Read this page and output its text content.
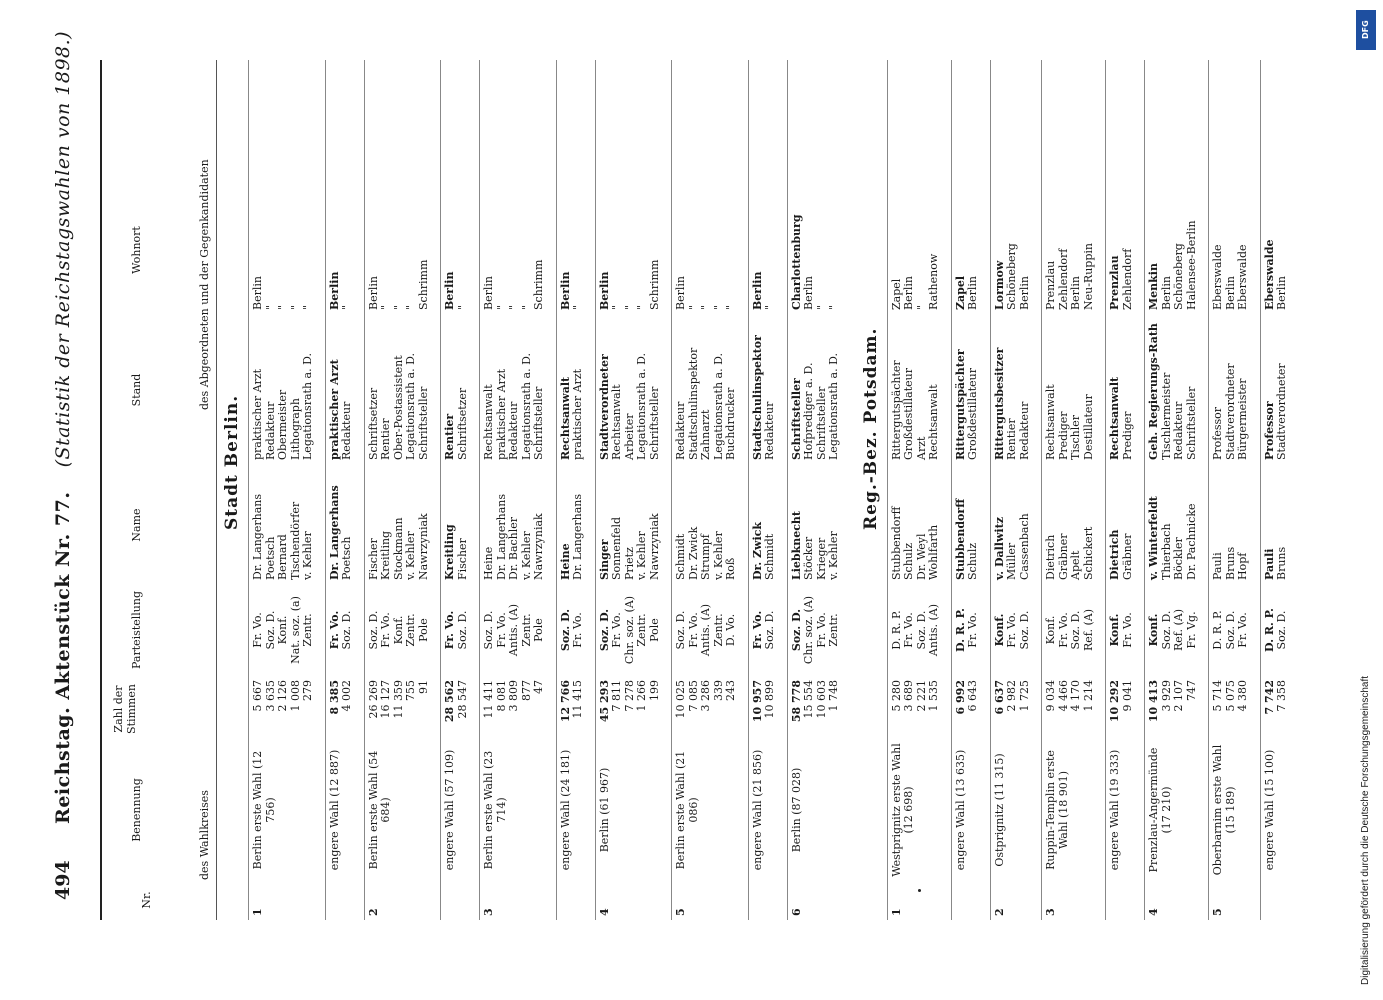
494 Reichstag. Aktenstück Nr. 77.    (Statistik der Reichstagswahlen von 1898.)
Nr.
Benennung
Zahl der Stimmen
Parteistellung
Name
Stand
Wohnort
des Wahlkreises
des Abgeordneten und der Gegenkandidaten
Stadt Berlin.
1
Berlin erste Wahl (12 756)
5 667 3 635 2 126 1 008 279
Fr. Vo. Soz. D. Konf. Nat. soz. (a) Zentr.
Dr. Langerhans Poetsch Bernard Tischendörfer v. Kehler
praktischer Arzt Redakteur Obermeister Lithograph Legationsrath a. D.
Berlin " " " "
engere Wahl (12 887)
8 385 4 002
Fr. Vo. Soz. D.
Dr. Langerhans Poetsch
praktischer Arzt Redakteur
Berlin "
2
Berlin erste Wahl (54 684)
26 269 16 127 11 359 755 91
Soz. D. Fr. Vo. Konf. Zentr. Pole
Fischer Kreitling Stockmann v. Kehler Nawrzyniak
Schriftsetzer Rentier Ober-Postassistent Legationsrath a. D. Schriftsteller
Berlin " " " Schrimm
engere Wahl (57 109)
28 562 28 547
Fr. Vo. Soz. D.
Kreitling Fischer
Rentier Schriftsetzer
Berlin "
3
Berlin erste Wahl (23 714)
11 411 8 081 3 809 877 47
Soz. D. Fr. Vo. Antis. (A) Zentr. Pole
Heine Dr. Langerhans Dr. Bachler v. Kehler Nawrzyniak
Rechtsanwalt praktischer Arzt Redakteur Legationsrath a. D. Schriftsteller
Berlin " " " Schrimm
engere Wahl (24 181)
12 766 11 415
Soz. D. Fr. Vo.
Heine Dr. Langerhans
Rechtsanwalt praktischer Arzt
Berlin "
4
Berlin (61 967)
45 293 7 811 7 278 1 266 199
Soz. D. Fr. Vo. Chr. soz. (A) Zentr. Pole
Singer Sonnenfeld Prietz v. Kehler Nawrzyniak
Stadtverordneter Rechtsanwalt Arbeiter Legationsrath a. D. Schriftsteller
Berlin " " " Schrimm
5
Berlin erste Wahl (21 086)
10 025 7 085 3 286 339 243
Soz. D. Fr. Vo. Antis. (A) Zentr. D. Vo.
Schmidt Dr. Zwick Strumpf v. Kehler Roß
Redakteur Stadtschulinspektor Zahnarzt Legationsrath a. D. Buchdrucker
Berlin " " " "
engere Wahl (21 856)
10 957 10 899
Fr. Vo. Soz. D.
Dr. Zwick Schmidt
Stadtschulinspektor Redakteur
Berlin "
6
Berlin (87 028)
58 778 15 554 10 603 1 748
Soz. D. Chr. soz. (A) Fr. Vo. Zentr.
Liebknecht Stöcker Krieger v. Kehler
Schriftsteller Hofprediger a. D. Schriftsteller Legationsrath a. D.
Charlottenburg Berlin " "
Reg.-Bez. Potsdam.
1
Westprignitz erste Wahl (12 698)
5 280 3 689 2 221 1 535
D. R. P. Fr. Vo. Soz. D. Antis. (A)
Stubbendorff Schulz Dr. Weyl Wohlfarth
Rittergutspächter Großdestillateur Arzt Rechtsanwalt
Zapel Berlin " Rathenow
engere Wahl (13 635)
6 992 6 643
D. R. P. Fr. Vo.
Stubbendorff Schulz
Rittergutspächter Großdestillateur
Zapel Berlin
2
Ostprignitz (11 315)
6 637 2 982 1 725
Konf. Fr. Vo. Soz. D.
v. Dallwitz Müller Cassenbach
Rittergutsbesitzer Rentier Redakteur
Lormow Schöneberg Berlin
3
Ruppin-Templin erste Wahl (18 901)
9 034 4 466 4 170 1 214
Konf. Fr. Vo. Soz. D. Ref. (A)
Dietrich Gräbner Apelt Schickert
Rechtsanwalt Prediger Tischler Destillateur
Prenzlau Zehlendorf Berlin Neu-Ruppin
engere Wahl (19 333)
10 292 9 041
Konf. Fr. Vo.
Dietrich Gräbner
Rechtsanwalt Prediger
Prenzlau Zehlendorf
4
Prenzlau-Angermünde (17 210)
10 413 3 929 2 107 747
Konf. Soz. D. Ref. (A) Fr. Vg.
v. Winterfeldt Thierbach Böckler Dr. Pachnicke
Geh. Regierungs-Rath Tischlermeister Redakteur Schriftsteller
Menkin Berlin Schöneberg Halensee-Berlin
5
Oberbarnim erste Wahl (15 189)
5 714 5 075 4 380
D. R. P. Soz. D. Fr. Vo.
Pauli Bruns Hopf
Professor Stadtverordneter Bürgermeister
Eberswalde Berlin Eberswalde
engere Wahl (15 100)
7 742 7 358
D. R. P. Soz. D.
Pauli Bruns
Professor Stadtverordneter
Eberswalde Berlin
DFG
Digitalisierung gefördert durch die Deutsche Forschungsgemeinschaft
